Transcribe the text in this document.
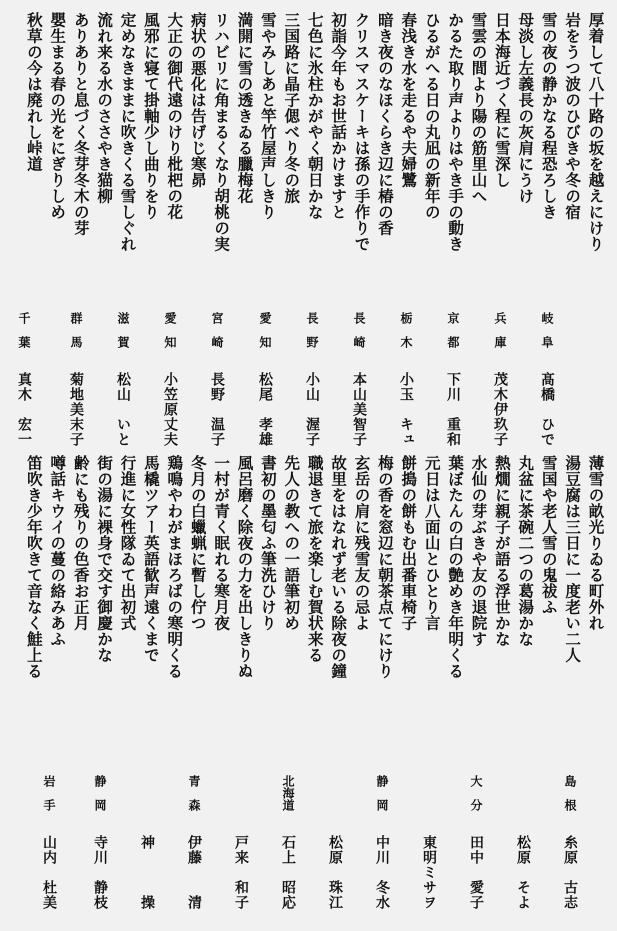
厚着して八十路の坂を越えにけり
岩をうつ波のひびきや冬の宿
雪の夜の静かなる程恐ろしき
母淡し左義長の灰肩にうけ
日本海近づく程に雪深し
雪雲の間より陽の筋里山へ
かるた取り声よりはやき手の動き
ひるがへる日の丸凪の新年の
春浅き水を走るや夫婦鷺
暗き夜のなほくらき辺に椿の香
クリスマスケーキは孫の手作りで
初詣今年もお世話かけますと
七色に氷柱かがやく朝日かな
三国路に晶子偲べり冬の旅
雪やみしあと竿竹屋声しきり
満開に雪の透きゐる臘梅花
リハビリに角まるくなり胡桃の実
病状の悪化は告げじ寒昴
大正の御代遠のけり枇杷の花
風邪に寝て掛軸少し曲りをり
定めなきままに吹きくる雪しぐれ
流れ来る水のささやき猫柳
ありありと息づく冬芽冬木の芽
嬰生まる春の光をにぎりしめ
秋草の今は廃れし峠道
岐　阜
髙橋　ひで
兵　庫
茂木伊玖子
京　都
下川　重和
栃　木
小玉　キュ
長　崎
本山美智子
長　野
小山　渥子
愛　知
松尾　孝雄
宮　崎
長野　温子
愛　知
小笠原丈夫
滋　賀
松山　いと
群　馬
菊地美末子
千　葉
真木　宏一
薄雪の畝光りゐる町外れ
湯豆腐は三日に一度老い二人
雪国や老人雪の鬼祓ふ
丸盆に茶碗二つの葛湯かな
熱燗に親子が語る浮世かな
水仙の芽ぶきや友の退院す
葉ぼたんの白の艶めき年明くる
元日は八面山とひとり言
餅搗の餅もむ出番車椅子
梅の香を窓辺に朝茶点てにけり
玄岳の肩に残雪友の忌よ
故里をはなれず老いる除夜の鐘
職退きて旅を楽しむ賀状来る
先人の教への一語筆初め
書初の墨匂ふ筆洗ひけり
風呂磨く除夜の力を出しきりぬ
一村が青く眠れる寒月夜
冬月の白蠟蝋に暫し佇つ
鶏鳴やわがまほろばの寒明くる
馬橇ツアー英語歓声遠くまで
行進に女性隊ゐて出初式
街の湯に裸身で交す御慶かな
齢にも残りの色香お正月
噂話キウイの蔓の絡みあふ
笛吹き少年吹きて音なく鮭上る
島　根
糸原　古志
松原　そよ
大　分
田中　愛子
東明ミサヲ
静　岡
中川　冬水
松原　珠江
北海道
石上　昭応
戸来　和子
青　森
伊藤　　清
神　　　操
静　岡
寺川　静枝

岩　手
山内　杜美
